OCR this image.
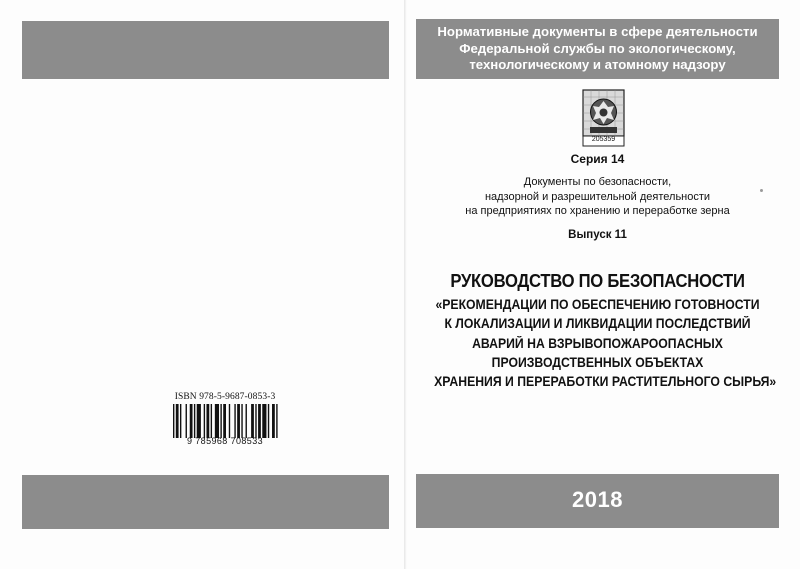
ISBN 978-5-9687-0853-3
9 785968 708533
Нормативные документы в сфере деятельности
Федеральной службы по экологическому,
технологическому и атомному надзору
205359
Серия 14
Документы по безопасности,
надзорной и разрешительной деятельности
на предприятиях по хранению и переработке зерна
Выпуск 11
РУКОВОДСТВО ПО БЕЗОПАСНОСТИ
«РЕКОМЕНДАЦИИ ПО ОБЕСПЕЧЕНИЮ ГОТОВНОСТИ
К ЛОКАЛИЗАЦИИ И ЛИКВИДАЦИИ ПОСЛЕДСТВИЙ
АВАРИЙ НА ВЗРЫВОПОЖАРООПАСНЫХ
ПРОИЗВОДСТВЕННЫХ ОБЪЕКТАХ
ХРАНЕНИЯ И ПЕРЕРАБОТКИ РАСТИТЕЛЬНОГО СЫРЬЯ»
2018
